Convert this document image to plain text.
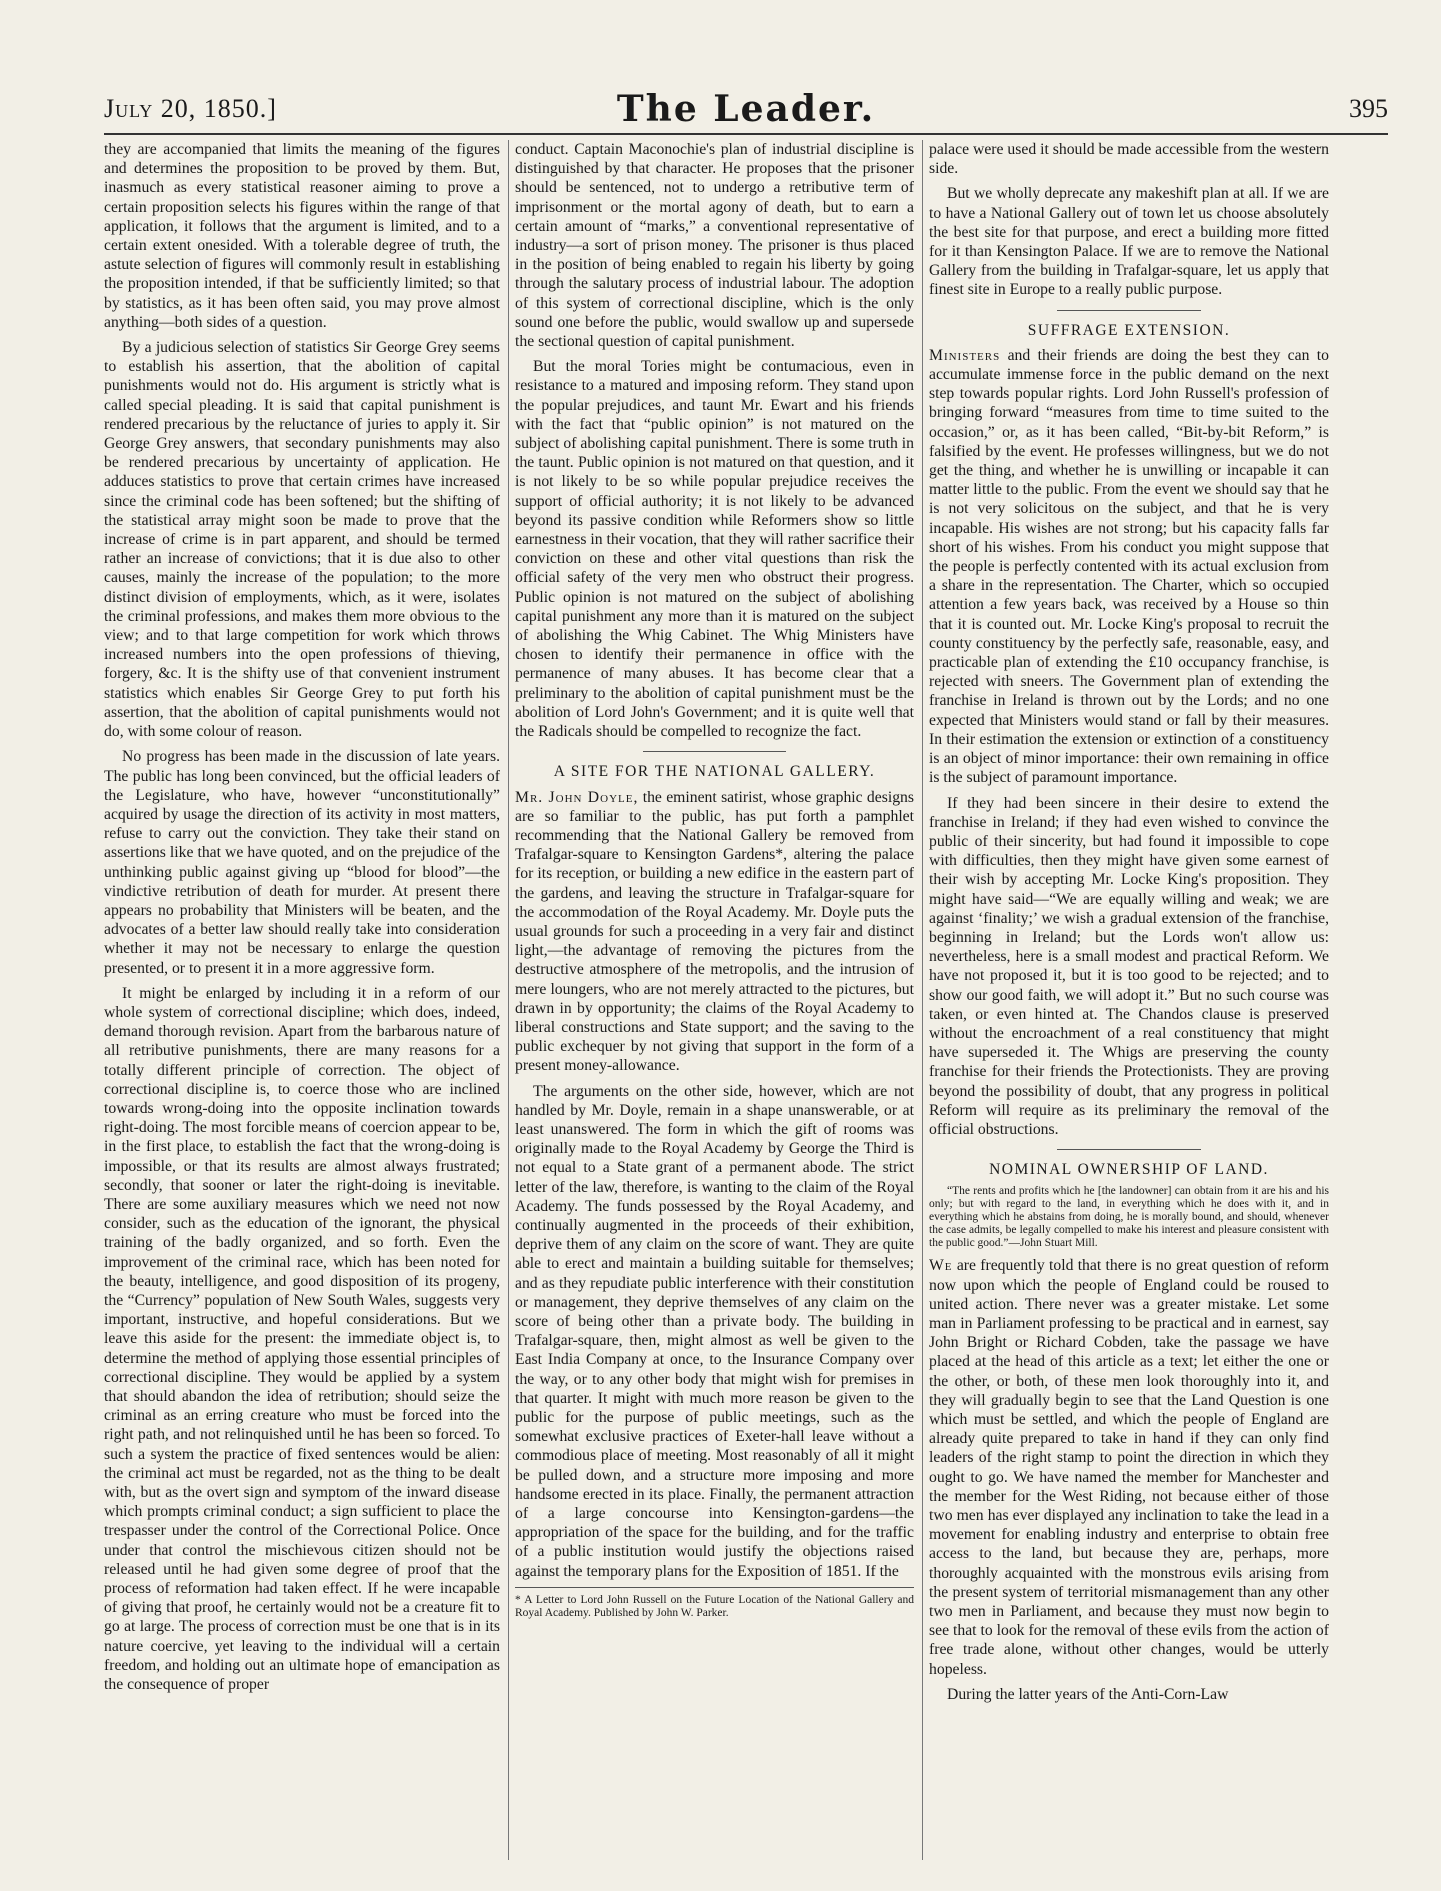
July 20, 1850.]	The Leader.	395

they are accompanied that limits the meaning of the figures and determines the proposition to be proved by them. But, inasmuch as every statistical reasoner aiming to prove a certain proposition selects his figures within the range of that application, it follows that the argument is limited, and to a certain extent onesided. With a tolerable degree of truth, the astute selection of figures will commonly result in establishing the proposition intended, if that be sufficiently limited; so that by statistics, as it has been often said, you may prove almost anything—both sides of a question.

By a judicious selection of statistics Sir George Grey seems to establish his assertion, that the abolition of capital punishments would not do. His argument is strictly what is called special pleading. It is said that capital punishment is rendered precarious by the reluctance of juries to apply it. Sir George Grey answers, that secondary punishments may also be rendered precarious by uncertainty of application. He adduces statistics to prove that certain crimes have increased since the criminal code has been softened; but the shifting of the statistical array might soon be made to prove that the increase of crime is in part apparent, and should be termed rather an increase of convictions; that it is due also to other causes, mainly the increase of the population; to the more distinct division of employments, which, as it were, isolates the criminal professions, and makes them more obvious to the view; and to that large competition for work which throws increased numbers into the open professions of thieving, forgery, &c. It is the shifty use of that convenient instrument statistics which enables Sir George Grey to put forth his assertion, that the abolition of capital punishments would not do, with some colour of reason.

No progress has been made in the discussion of late years. The public has long been convinced, but the official leaders of the Legislature, who have, however “unconstitutionally” acquired by usage the direction of its activity in most matters, refuse to carry out the conviction. They take their stand on assertions like that we have quoted, and on the prejudice of the unthinking public against giving up “blood for blood”—the vindictive retribution of death for murder. At present there appears no probability that Ministers will be beaten, and the advocates of a better law should really take into consideration whether it may not be necessary to enlarge the question presented, or to present it in a more aggressive form.

It might be enlarged by including it in a reform of our whole system of correctional discipline; which does, indeed, demand thorough revision. Apart from the barbarous nature of all retributive punishments, there are many reasons for a totally different principle of correction. The object of correctional discipline is, to coerce those who are inclined towards wrong-doing into the opposite inclination towards right-doing. The most forcible means of coercion appear to be, in the first place, to establish the fact that the wrong-doing is impossible, or that its results are almost always frustrated; secondly, that sooner or later the right-doing is inevitable. There are some auxiliary measures which we need not now consider, such as the education of the ignorant, the physical training of the badly organized, and so forth. Even the improvement of the criminal race, which has been noted for the beauty, intelligence, and good disposition of its progeny, the “Currency” population of New South Wales, suggests very important, instructive, and hopeful considerations. But we leave this aside for the present: the immediate object is, to determine the method of applying those essential principles of correctional discipline. They would be applied by a system that should abandon the idea of retribution; should seize the criminal as an erring creature who must be forced into the right path, and not relinquished until he has been so forced. To such a system the practice of fixed sentences would be alien: the criminal act must be regarded, not as the thing to be dealt with, but as the overt sign and symptom of the inward disease which prompts criminal conduct; a sign sufficient to place the trespasser under the control of the Correctional Police. Once under that control the mischievous citizen should not be released until he had given some degree of proof that the process of reformation had taken effect. If he were incapable of giving that proof, he certainly would not be a creature fit to go at large. The process of correction must be one that is in its nature coercive, yet leaving to the individual will a certain freedom, and holding out an ultimate hope of emancipation as the consequence of proper

conduct. Captain Maconochie's plan of industrial discipline is distinguished by that character. He proposes that the prisoner should be sentenced, not to undergo a retributive term of imprisonment or the mortal agony of death, but to earn a certain amount of “marks,” a conventional representative of industry—a sort of prison money. The prisoner is thus placed in the position of being enabled to regain his liberty by going through the salutary process of industrial labour. The adoption of this system of correctional discipline, which is the only sound one before the public, would swallow up and supersede the sectional question of capital punishment.

But the moral Tories might be contumacious, even in resistance to a matured and imposing reform. They stand upon the popular prejudices, and taunt Mr. Ewart and his friends with the fact that “public opinion” is not matured on the subject of abolishing capital punishment. There is some truth in the taunt. Public opinion is not matured on that question, and it is not likely to be so while popular prejudice receives the support of official authority; it is not likely to be advanced beyond its passive condition while Reformers show so little earnestness in their vocation, that they will rather sacrifice their conviction on these and other vital questions than risk the official safety of the very men who obstruct their progress. Public opinion is not matured on the subject of abolishing capital punishment any more than it is matured on the subject of abolishing the Whig Cabinet. The Whig Ministers have chosen to identify their permanence in office with the permanence of many abuses. It has become clear that a preliminary to the abolition of capital punishment must be the abolition of Lord John's Government; and it is quite well that the Radicals should be compelled to recognize the fact.

A SITE FOR THE NATIONAL GALLERY.

Mr. John Doyle, the eminent satirist, whose graphic designs are so familiar to the public, has put forth a pamphlet recommending that the National Gallery be removed from Trafalgar-square to Kensington Gardens*, altering the palace for its reception, or building a new edifice in the eastern part of the gardens, and leaving the structure in Trafalgar-square for the accommodation of the Royal Academy. Mr. Doyle puts the usual grounds for such a proceeding in a very fair and distinct light,—the advantage of removing the pictures from the destructive atmosphere of the metropolis, and the intrusion of mere loungers, who are not merely attracted to the pictures, but drawn in by opportunity; the claims of the Royal Academy to liberal constructions and State support; and the saving to the public exchequer by not giving that support in the form of a present money-allowance.

The arguments on the other side, however, which are not handled by Mr. Doyle, remain in a shape unanswerable, or at least unanswered. The form in which the gift of rooms was originally made to the Royal Academy by George the Third is not equal to a State grant of a permanent abode. The strict letter of the law, therefore, is wanting to the claim of the Royal Academy. The funds possessed by the Royal Academy, and continually augmented in the proceeds of their exhibition, deprive them of any claim on the score of want. They are quite able to erect and maintain a building suitable for themselves; and as they repudiate public interference with their constitution or management, they deprive themselves of any claim on the score of being other than a private body. The building in Trafalgar-square, then, might almost as well be given to the East India Company at once, to the Insurance Company over the way, or to any other body that might wish for premises in that quarter. It might with much more reason be given to the public for the purpose of public meetings, such as the somewhat exclusive practices of Exeter-hall leave without a commodious place of meeting. Most reasonably of all it might be pulled down, and a structure more imposing and more handsome erected in its place. Finally, the permanent attraction of a large concourse into Kensington-gardens—the appropriation of the space for the building, and for the traffic of a public institution would justify the objections raised against the temporary plans for the Exposition of 1851. If the

* A Letter to Lord John Russell on the Future Location of the National Gallery and Royal Academy. Published by John W. Parker.

palace were used it should be made accessible from the western side.

But we wholly deprecate any makeshift plan at all. If we are to have a National Gallery out of town let us choose absolutely the best site for that purpose, and erect a building more fitted for it than Kensington Palace. If we are to remove the National Gallery from the building in Trafalgar-square, let us apply that finest site in Europe to a really public purpose.

SUFFRAGE EXTENSION.

Ministers and their friends are doing the best they can to accumulate immense force in the public demand on the next step towards popular rights. Lord John Russell's profession of bringing forward “measures from time to time suited to the occasion,” or, as it has been called, “Bit-by-bit Reform,” is falsified by the event. He professes willingness, but we do not get the thing, and whether he is unwilling or incapable it can matter little to the public. From the event we should say that he is not very solicitous on the subject, and that he is very incapable. His wishes are not strong; but his capacity falls far short of his wishes. From his conduct you might suppose that the people is perfectly contented with its actual exclusion from a share in the representation. The Charter, which so occupied attention a few years back, was received by a House so thin that it is counted out. Mr. Locke King's proposal to recruit the county constituency by the perfectly safe, reasonable, easy, and practicable plan of extending the £10 occupancy franchise, is rejected with sneers. The Government plan of extending the franchise in Ireland is thrown out by the Lords; and no one expected that Ministers would stand or fall by their measures. In their estimation the extension or extinction of a constituency is an object of minor importance: their own remaining in office is the subject of paramount importance.

If they had been sincere in their desire to extend the franchise in Ireland; if they had even wished to convince the public of their sincerity, but had found it impossible to cope with difficulties, then they might have given some earnest of their wish by accepting Mr. Locke King's proposition. They might have said—“We are equally willing and weak; we are against ‘finality;’ we wish a gradual extension of the franchise, beginning in Ireland; but the Lords won't allow us: nevertheless, here is a small modest and practical Reform. We have not proposed it, but it is too good to be rejected; and to show our good faith, we will adopt it.” But no such course was taken, or even hinted at. The Chandos clause is preserved without the encroachment of a real constituency that might have superseded it. The Whigs are preserving the county franchise for their friends the Protectionists. They are proving beyond the possibility of doubt, that any progress in political Reform will require as its preliminary the removal of the official obstructions.

NOMINAL OWNERSHIP OF LAND.

“The rents and profits which he [the landowner] can obtain from it are his and his only; but with regard to the land, in everything which he does with it, and in everything which he abstains from doing, he is morally bound, and should, whenever the case admits, be legally compelled to make his interest and pleasure consistent with the public good.”—John Stuart Mill.

We are frequently told that there is no great question of reform now upon which the people of England could be roused to united action. There never was a greater mistake. Let some man in Parliament professing to be practical and in earnest, say John Bright or Richard Cobden, take the passage we have placed at the head of this article as a text; let either the one or the other, or both, of these men look thoroughly into it, and they will gradually begin to see that the Land Question is one which must be settled, and which the people of England are already quite prepared to take in hand if they can only find leaders of the right stamp to point the direction in which they ought to go. We have named the member for Manchester and the member for the West Riding, not because either of those two men has ever displayed any inclination to take the lead in a movement for enabling industry and enterprise to obtain free access to the land, but because they are, perhaps, more thoroughly acquainted with the monstrous evils arising from the present system of territorial mismanagement than any other two men in Parliament, and because they must now begin to see that to look for the removal of these evils from the action of free trade alone, without other changes, would be utterly hopeless.

During the latter years of the Anti-Corn-Law
